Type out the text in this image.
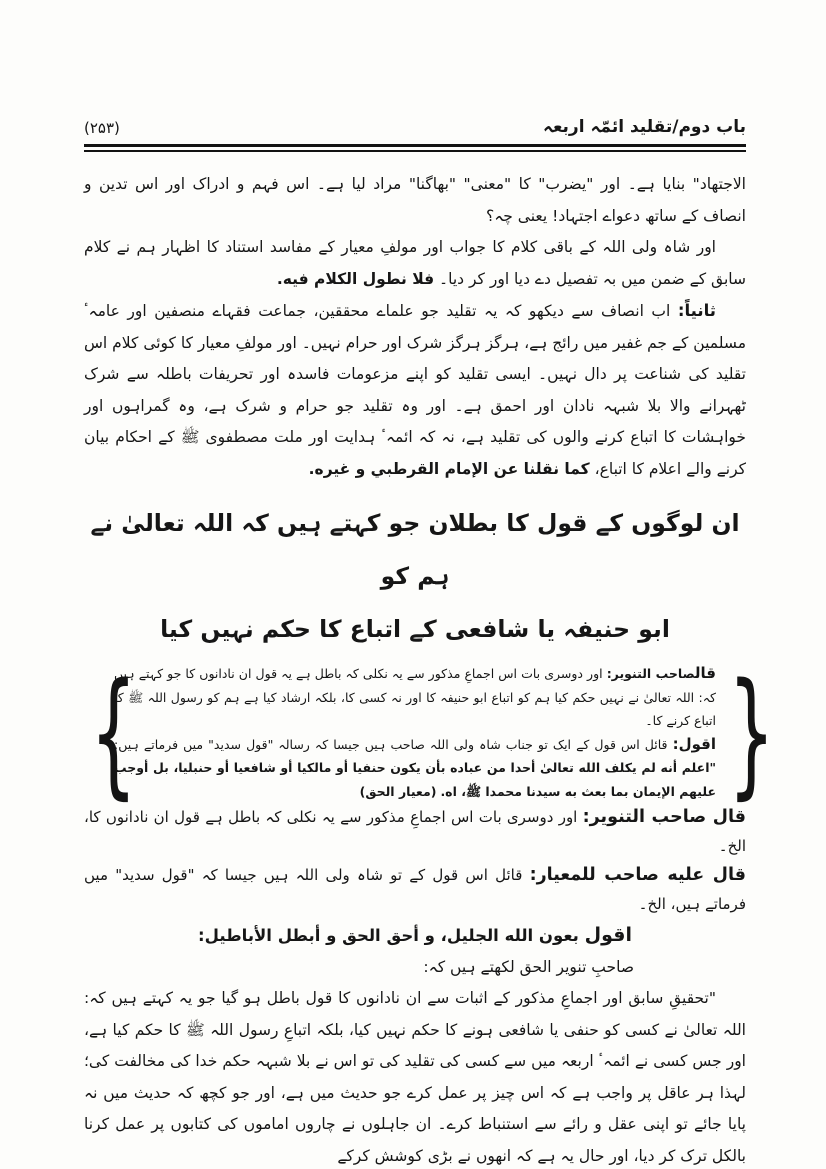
باب دوم/تقلید ائمّہ اربعہ
(۲۵۳)

الاجتهاد" بنایا ہے۔ اور "یضرب" کا "معنی" "بھاگنا" مراد لیا ہے۔ اس فہم و ادراک اور اس تدین و انصاف کے ساتھ دعواے اجتہاد! یعنی چہ؟

اور شاہ ولی اللہ کے باقی کلام کا جواب اور مولفِ معیار کے مفاسد استناد کا اظہار ہم نے کلام سابق کے ضمن میں بہ تفصیل دے دیا اور کر دیا۔ فلا نطول الكلام فيه.

ثانیاً: اب انصاف سے دیکھو کہ یہ تقلید جو علماے محققین، جماعت فقہاے منصفین اور عامہٴ مسلمین کے جم غفیر میں رائج ہے، ہرگز ہرگز شرک اور حرام نہیں۔ اور مولفِ معیار کا کوئی کلام اس تقلید کی شناعت پر دال نہیں۔ ایسی تقلید کو اپنے مزعومات فاسدہ اور تحریفات باطلہ سے شرک ٹھہرانے والا بلا شبہہ نادان اور احمق ہے۔ اور وہ تقلید جو حرام و شرک ہے، وہ گمراہوں اور خواہشات کا اتباع کرنے والوں کی تقلید ہے، نہ کہ ائمہٴ ہدایت اور ملت مصطفوی ﷺ کے احکام بیان کرنے والے اعلام کا اتباع، كما نقلنا عن الإمام القرطبي و غيره.

ان لوگوں کے قول کا بطلان جو کہتے ہیں کہ اللہ تعالیٰ نے ہم کو
ابو حنیفہ یا شافعی کے اتباع کا حکم نہیں کیا
{	قالصاحب التنویر: اور دوسری بات اس اجماعِ مذکور سے یہ نکلی کہ باطل ہے یہ قول ان نادانوں کا جو کہتے ہیں کہ: اللہ تعالیٰ نے نہیں حکم کیا ہم کو اتباع ابو حنیفہ کا اور نہ کسی کا، بلکہ ارشاد کیا ہے ہم کو رسول اللہ ﷺ کا اتباع کرنے کا۔
اقول: قائل اس قول کے ایک تو جناب شاہ ولی اللہ صاحب ہیں جیسا کہ رسالہ "قول سدید" میں فرماتے ہیں: "اعلم أنه لم يكلف الله تعالىٰ أحدا من عباده بأن يكون حنفيا أو مالكيا أو شافعيا أو حنبليا، بل أوجب عليهم الإيمان بما بعث به سيدنا محمدا ﷺ، اه. (معيار الحق)	}

قال صاحب التنویر: اور دوسری بات اس اجماعِ مذکور سے یہ نکلی کہ باطل ہے قول ان نادانوں کا، الخ۔

قال علیه صاحب للمعیار: قائل اس قول کے تو شاہ ولی اللہ ہیں جیسا کہ "قول سدید" میں فرماتے ہیں، الخ۔

اقول بعون الله الجليل، و أحق الحق و أبطل الأباطيل:

صاحبِ تنویر الحق لکھتے ہیں کہ:

"تحقیقِ سابق اور اجماعِ مذکور کے اثبات سے ان نادانوں کا قول باطل ہو گیا جو یہ کہتے ہیں کہ: اللہ تعالیٰ نے کسی کو حنفی یا شافعی ہونے کا حکم نہیں کیا، بلکہ اتباعِ رسول اللہ ﷺ کا حکم کیا ہے، اور جس کسی نے ائمہٴ اربعہ میں سے کسی کی تقلید کی تو اس نے بلا شبہہ حکم خدا کی مخالفت کی؛ لہذا ہر عاقل پر واجب ہے کہ اس چیز پر عمل کرے جو حدیث میں ہے، اور جو کچھ کہ حدیث میں نہ پایا جائے تو اپنی عقل و رائے سے استنباط کرے۔ ان جاہلوں نے چاروں اماموں کی کتابوں پر عمل کرنا بالکل ترک کر دیا، اور حال یہ ہے کہ انھوں نے بڑی کوشش کرکے
